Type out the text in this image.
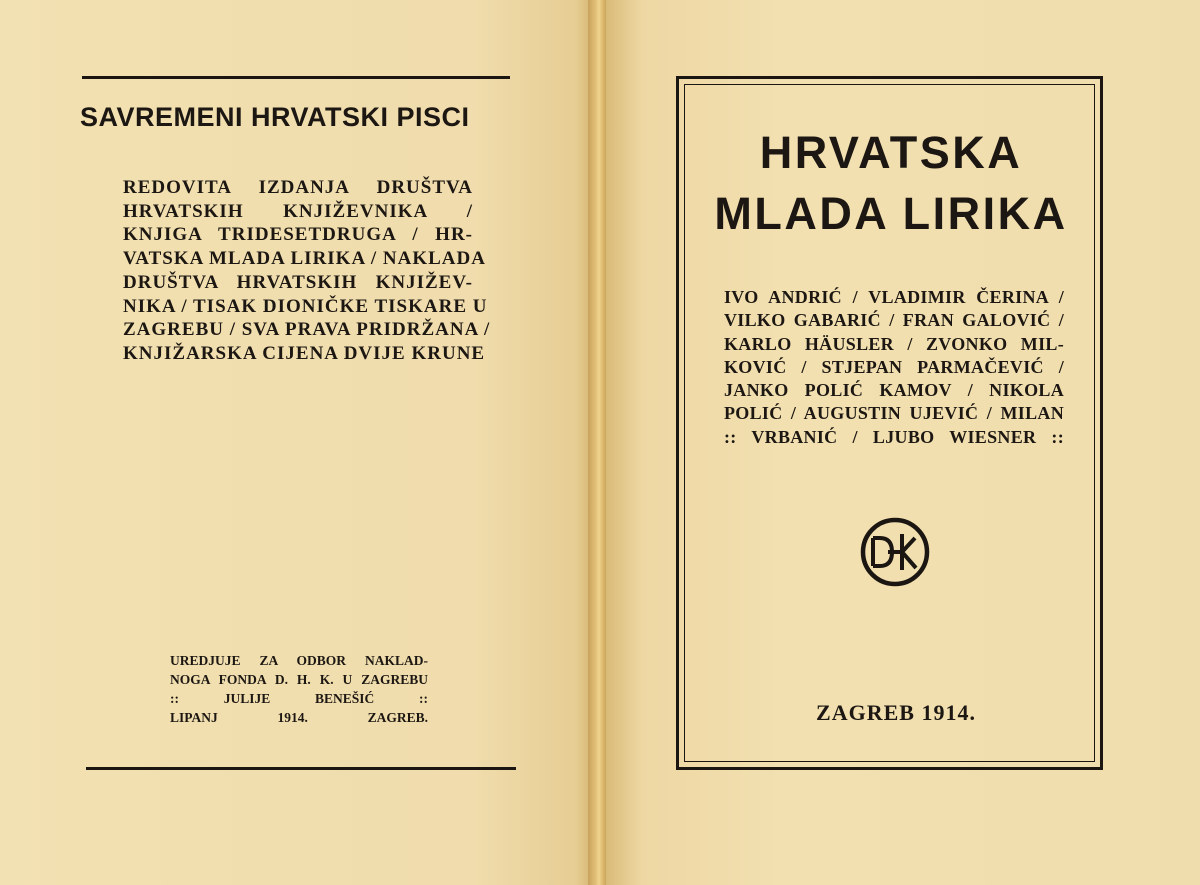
SAVREMENI HRVATSKI PISCI
REDOVITA IZDANJA DRUŠTVA
HRVATSKIH KNJIŽEVNIKA /
KNJIGA TRIDESETDRUGA / HR-
VATSKA MLADA LIRIKA / NAKLADA
DRUŠTVA HRVATSKIH KNJIŽEV-
NIKA / TISAK DIONIČKE TISKARE U
ZAGREBU / SVA PRAVA PRIDRŽANA /
KNJIŽARSKA CIJENA DVIJE KRUNE
UREDJUJE ZA ODBOR NAKLAD-
NOGA FONDA D. H. K. U ZAGREBU
:: JULIJE BENEŠIĆ ::
LIPANJ 1914. ZAGREB.
HRVATSKA
MLADA LIRIKA
IVO ANDRIĆ / VLADIMIR ČERINA /
VILKO GABARIĆ / FRAN GALOVIĆ /
KARLO HÄUSLER / ZVONKO MIL-
KOVIĆ / STJEPAN PARMAČEVIĆ /
JANKO POLIĆ KAMOV / NIKOLA
POLIĆ / AUGUSTIN UJEVIĆ / MILAN
:: VRBANIĆ / LJUBO WIESNER ::
ZAGREB 1914.
